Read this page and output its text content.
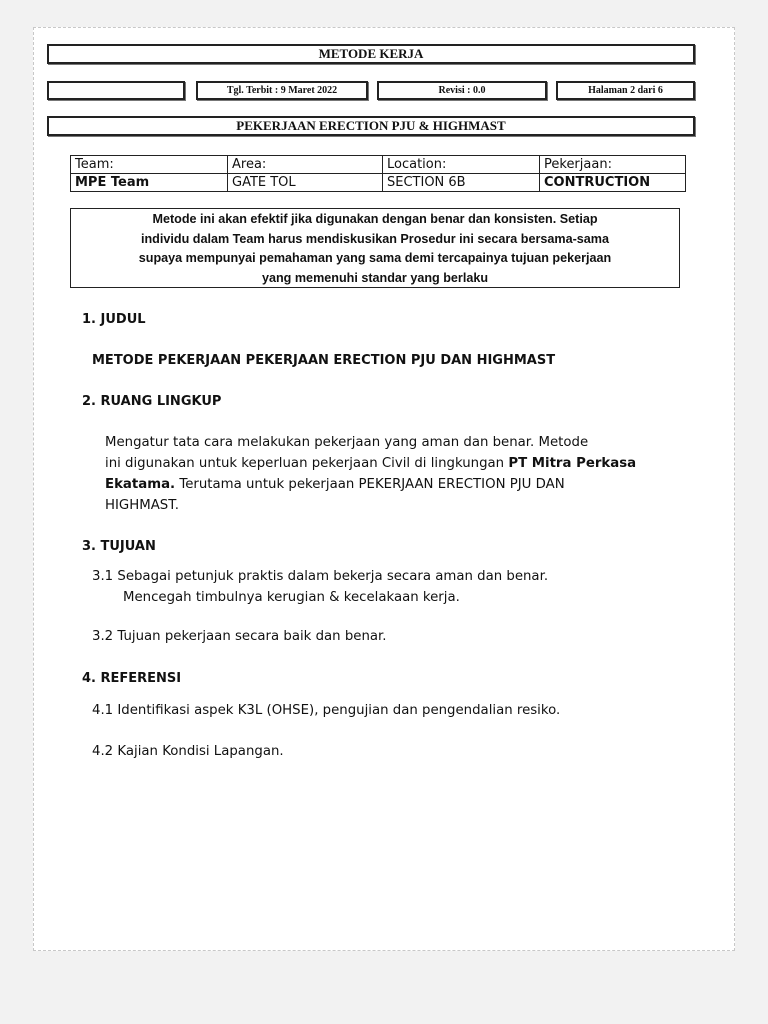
METODE KERJA
Tgl. Terbit : 9 Maret 2022	Revisi : 0.0	Halaman 2 dari 6
PEKERJAAN ERECTION PJU & HIGHMAST
Team:	Area:	Location:	Pekerjaan:
MPE Team	GATE TOL	SECTION 6B	CONTRUCTION
Metode ini akan efektif jika digunakan dengan benar dan konsisten. Setiap
individu dalam Team harus mendiskusikan Prosedur ini secara bersama-sama
supaya mempunyai pemahaman yang sama demi tercapainya tujuan pekerjaan
yang memenuhi standar yang berlaku
1. JUDUL
METODE PEKERJAAN PEKERJAAN ERECTION PJU DAN HIGHMAST
2. RUANG LINGKUP
Mengatur tata cara melakukan pekerjaan yang aman dan benar. Metode
ini digunakan untuk keperluan pekerjaan Civil di lingkungan PT Mitra Perkasa
Ekatama. Terutama untuk pekerjaan PEKERJAAN ERECTION PJU DAN
HIGHMAST.
3. TUJUAN
3.1 Sebagai petunjuk praktis dalam bekerja secara aman dan benar.
Mencegah timbulnya kerugian & kecelakaan kerja.
3.2 Tujuan pekerjaan secara baik dan benar.
4. REFERENSI
4.1 Identifikasi aspek K3L (OHSE), pengujian dan pengendalian resiko.
4.2 Kajian Kondisi Lapangan.
